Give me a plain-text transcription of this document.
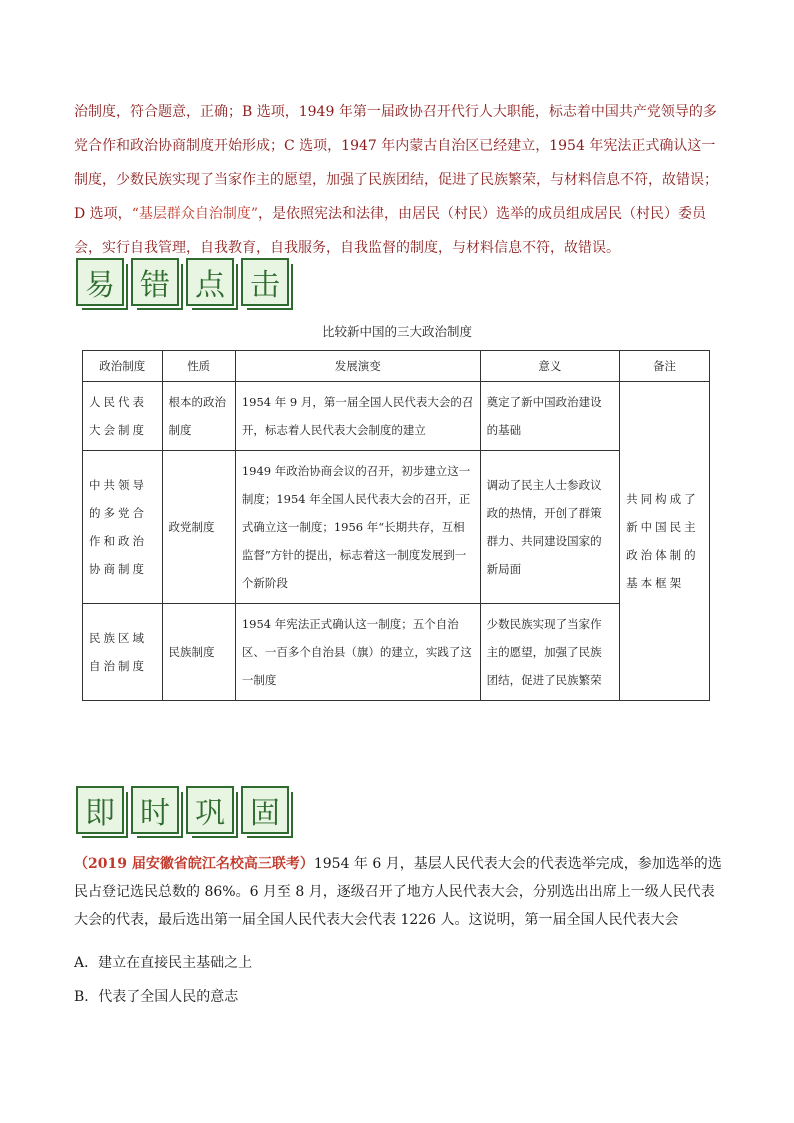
治制度，符合题意，正确；B 选项，1949 年第一届政协召开代行人大职能，标志着中国共产党领导的多党合作和政治协商制度开始形成；C 选项，1947 年内蒙古自治区已经建立，1954 年宪法正式确认这一制度，少数民族实现了当家作主的愿望，加强了民族团结，促进了民族繁荣，与材料信息不符，故错误；D 选项，“基层群众自治制度”，是依照宪法和法律，由居民（村民）选举的成员组成居民（村民）委员会，实行自我管理，自我教育，自我服务，自我监督的制度，与材料信息不符，故错误。

易 错 点 击
比较新中国的三大政治制度
政治制度	性质	发展演变	意义	备注
人民代表大会制度	根本的政治制度	1954 年 9 月，第一届全国人民代表大会的召开，标志着人民代表大会制度的建立	奠定了新中国政治建设的基础	共同构成了新中国民主政治体制的基本框架
中共领导的多党合作和政治协商制度	政党制度	1949 年政治协商会议的召开，初步建立这一制度；1954 年全国人民代表大会的召开，正式确立这一制度；1956 年“长期共存，互相监督”方针的提出，标志着这一制度发展到一个新阶段	调动了民主人士参政议政的热情，开创了群策群力、共同建设国家的新局面	
民族区域自治制度	民族制度	1954 年宪法正式确认这一制度；五个自治区、一百多个自治县（旗）的建立，实践了这一制度	少数民族实现了当家作主的愿望，加强了民族团结，促进了民族繁荣	
即 时 巩 固

（2019 届安徽省皖江名校高三联考）1954 年 6 月，基层人民代表大会的代表选举完成，参加选举的选民占登记选民总数的 86%。6 月至 8 月，逐级召开了地方人民代表大会，分别选出出席上一级人民代表大会的代表，最后选出第一届全国人民代表大会代表 1226 人。这说明，第一届全国人民代表大会

A．建立在直接民主基础之上
B．代表了全国人民的意志
